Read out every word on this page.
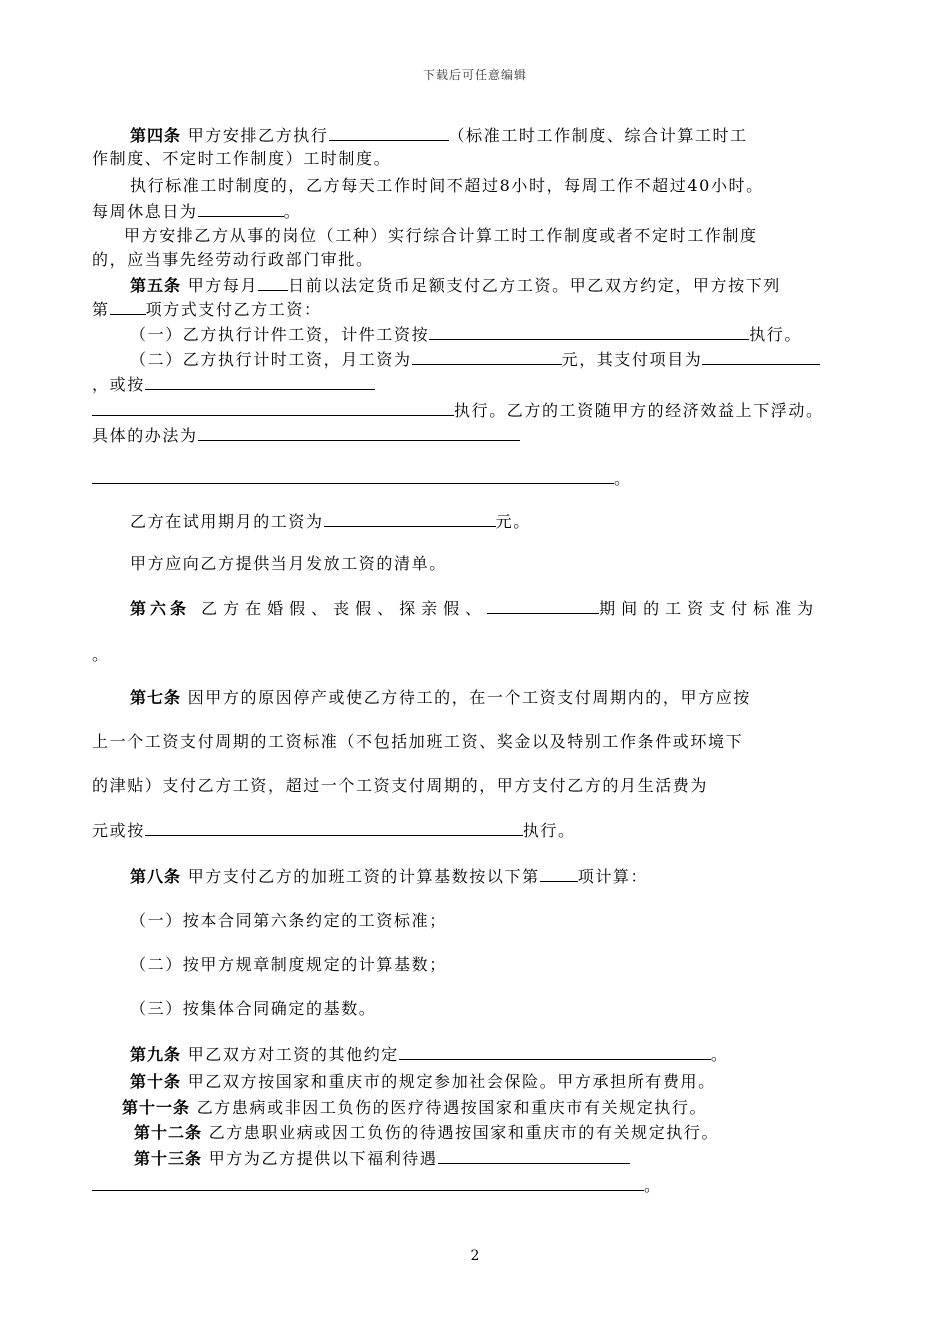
下载后可任意编辑
第四条 甲方安排乙方执行	（标准工时工作制度、综合计算工时工
作制度、不定时工作制度）工时制度。
执行标准工时制度的，乙方每天工作时间不超过8小时，每周工作不超过40小时。
每周休息日为	。
甲方安排乙方从事的岗位（工种）实行综合计算工时工作制度或者不定时工作制度
的，应当事先经劳动行政部门审批。
第五条 甲方每月 日前以法定货币足额支付乙方工资。甲乙双方约定，甲方按下列
第 项方式支付乙方工资：
（一）乙方执行计件工资，计件工资按	执行。
（二）乙方执行计时工资，月工资为	元，其支付项目为
，或按
执行。乙方的工资随甲方的经济效益上下浮动。
具体的办法为
。
乙方在试用期月的工资为	元。
甲方应向乙方提供当月发放工资的清单。
第六条 乙方在婚假、丧假、探亲假、	期间的工资支付标准为
。
第七条 因甲方的原因停产或使乙方待工的，在一个工资支付周期内的，甲方应按
上一个工资支付周期的工资标准（不包括加班工资、奖金以及特别工作条件或环境下
的津贴）支付乙方工资，超过一个工资支付周期的，甲方支付乙方的月生活费为
元或按	执行。
第八条 甲方支付乙方的加班工资的计算基数按以下第 项计算：
（一）按本合同第六条约定的工资标准；
（二）按甲方规章制度规定的计算基数；
（三）按集体合同确定的基数。
第九条 甲乙双方对工资的其他约定	。
第十条 甲乙双方按国家和重庆市的规定参加社会保险。甲方承担所有费用。
第十一条 乙方患病或非因工负伤的医疗待遇按国家和重庆市有关规定执行。
第十二条 乙方患职业病或因工负伤的待遇按国家和重庆市的有关规定执行。
第十三条 甲方为乙方提供以下福利待遇
。
2
